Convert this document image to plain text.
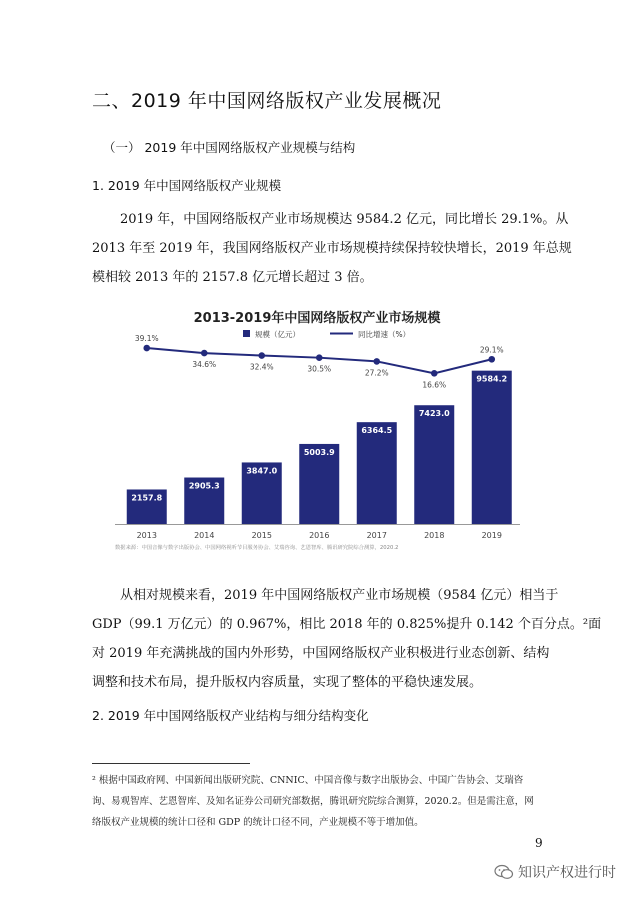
二、2019 年中国网络版权产业发展概况
（一） 2019 年中国网络版权产业规模与结构
1. 2019 年中国网络版权产业规模
2019 年，中国网络版权产业市场规模达 9584.2 亿元，同比增长 29.1%。从
2013 年至 2019 年，我国网络版权产业市场规模持续保持较快增长，2019 年总规
模相较 2013 年的 2157.8 亿元增长超过 3 倍。
2013-2019年中国网络版权产业市场规模
规模（亿元）	同比增速（%）
2157.8
2905.3
3847.0
5003.9
6364.5
7423.0
9584.2
39.1%
34.6%	32.4%	30.5%	27.2%
16.6%
29.1%
2013	2014	2015	2016	2017	2018	2019
数据来源：中国音像与数字出版协会、中国网络视听节目服务协会、艾瑞咨询、艺恩智库、腾讯研究院综合测算，2020.2
从相对规模来看，2019 年中国网络版权产业市场规模（9584 亿元）相当于
GDP（99.1 万亿元）的 0.967%，相比 2018 年的 0.825%提升 0.142 个百分点。²面
对 2019 年充满挑战的国内外形势，中国网络版权产业积极进行业态创新、结构
调整和技术布局，提升版权内容质量，实现了整体的平稳快速发展。
2. 2019 年中国网络版权产业结构与细分结构变化
² 根据中国政府网、中国新闻出版研究院、CNNIC、中国音像与数字出版协会、中国广告协会、艾瑞咨
询、易观智库、艺恩智库、及知名证券公司研究部数据，腾讯研究院综合测算，2020.2。但是需注意，网
络版权产业规模的统计口径和 GDP 的统计口径不同，产业规模不等于增加值。
9
知识产权进行时
